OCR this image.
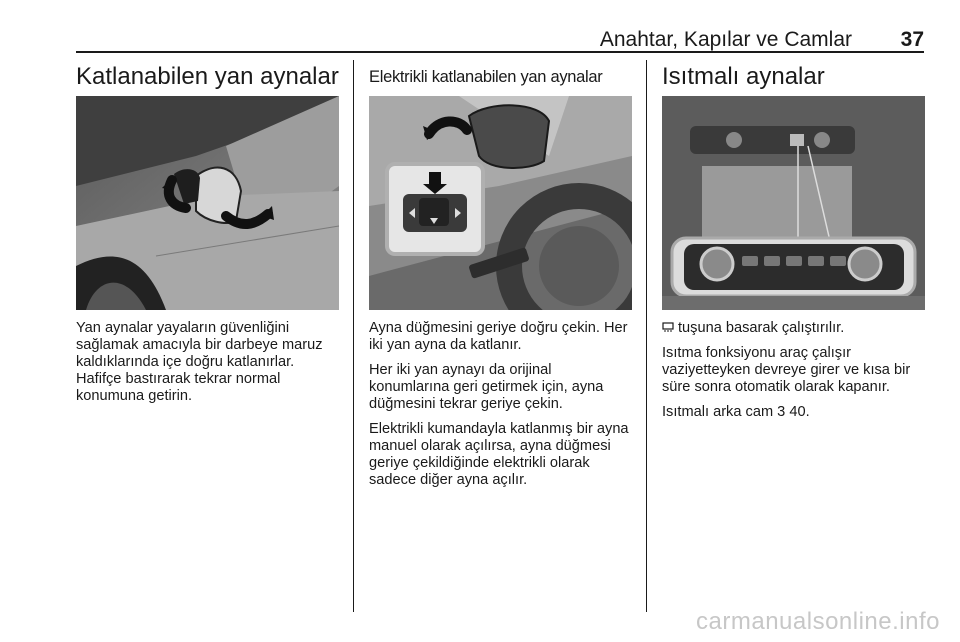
Anahtar, Kapılar ve Camlar 37
Katlanabilen yan aynalar

Yan aynalar yayaların güvenliğini sağlamak amacıyla bir darbeye maruz kaldıklarında içe doğru katlanırlar. Hafifçe bastırarak tekrar normal konumuna getirin.

Elektrikli katlanabilen yan aynalar

Ayna düğmesini geriye doğru çekin. Her iki yan ayna da katlanır.

Her iki yan aynayı da orijinal konumlarına geri getirmek için, ayna düğmesini tekrar geriye çekin.

Elektrikli kumandayla katlanmış bir ayna manuel olarak açılırsa, ayna düğmesi geriye çekildiğinde elektrikli olarak sadece diğer ayna açılır.

Isıtmalı aynalar

tuşuna basarak çalıştırılır.

Isıtma fonksiyonu araç çalışır vaziyetteyken devreye girer ve kısa bir süre sonra otomatik olarak kapanır.

Isıtmalı arka cam 3 40.

carmanualsonline.info
